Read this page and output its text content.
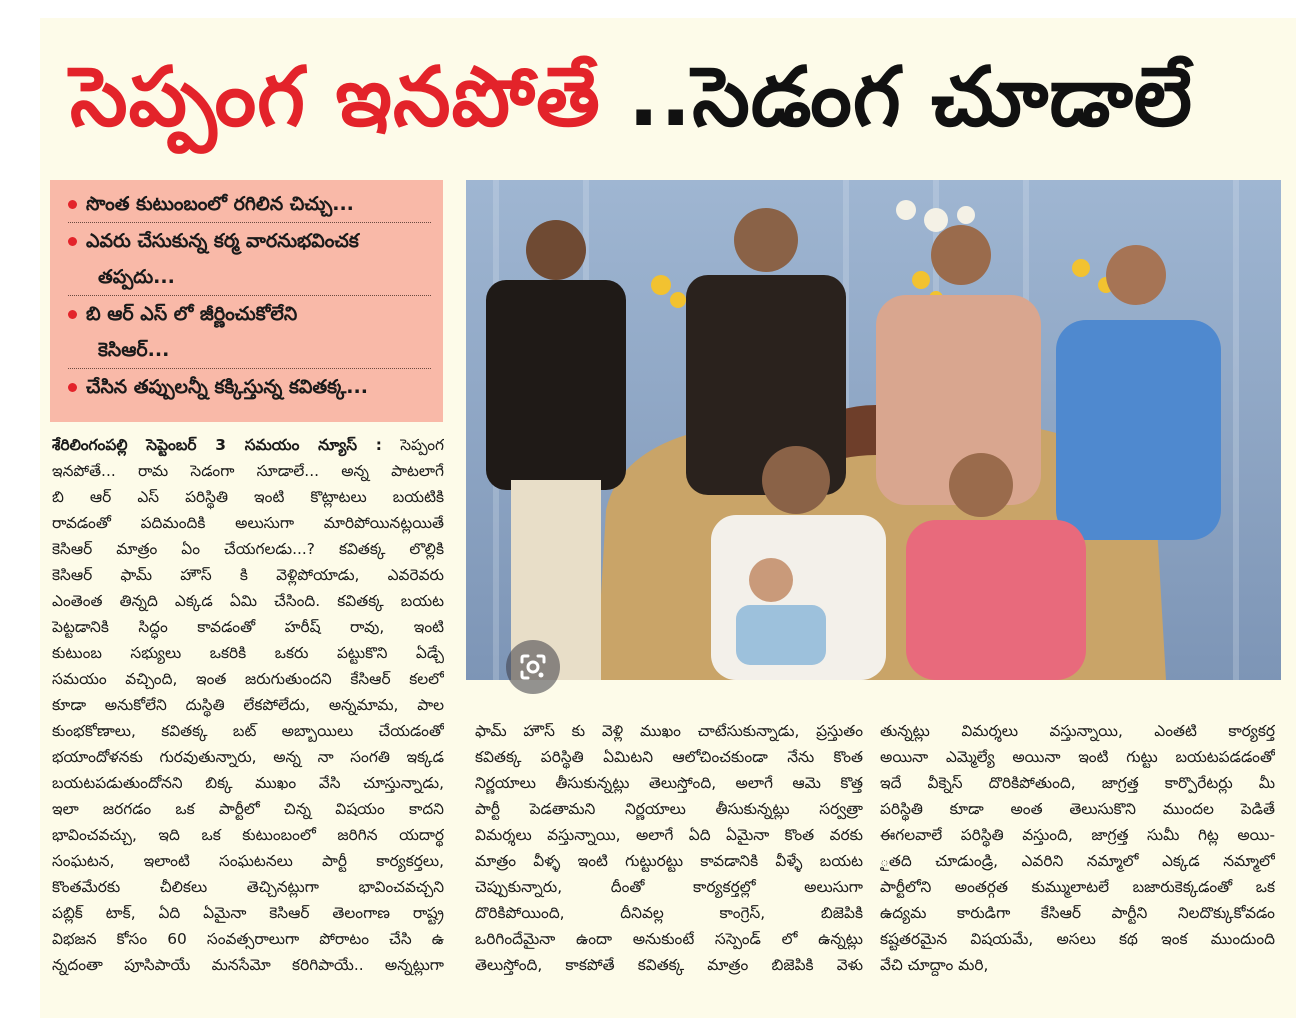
సెప్పంగ ఇనపోతే ..సెడంగ చూడాలే
సొంత కుటుంబంలో రగిలిన చిచ్చు...
ఎవరు చేసుకున్న కర్మ వారనుభవించక
తప్పదు...
బి ఆర్ ఎస్ లో జీర్ణించుకోలేని
కెసిఆర్...
చేసిన తప్పులన్నీ కక్కిస్తున్న కవితక్క...

శేరిలింగంపల్లి సెప్టెంబర్ 3 సమయం న్యూస్ : సెప్పంగ

ఇనపోతే... రామ సెడంగా సూడాలే... అన్న పాటలాగే

బి ఆర్ ఎస్ పరిస్థితి ఇంటి కొట్లాటలు బయటికి

రావడంతో పదిమందికి అలుసుగా మారిపోయినట్లయితే

కెసిఆర్ మాత్రం ఏం చేయగలడు...? కవితక్క లొల్లికి

కెసిఆర్ ఫామ్ హౌస్ కి వెళ్లిపోయాడు, ఎవరెవరు

ఎంతెంత తిన్నది ఎక్కడ ఏమి చేసింది. కవితక్క బయట

పెట్టడానికి సిద్ధం కావడంతో హరీష్ రావు, ఇంటి

కుటుంబ సభ్యులు ఒకరికి ఒకరు పట్టుకొని ఏడ్చే

సమయం వచ్చింది, ఇంత జరుగుతుందని కేసిఆర్ కలలో

కూడా అనుకోలేని దుస్థితి లేకపోలేదు, అన్నమామ, పాల

కుంభకోణాలు, కవితక్క బట్ అబ్బాయిలు చేయడంతో

భయాందోళనకు గురవుతున్నారు, అన్న నా సంగతి ఇక్కడ

బయటపడుతుందోనని బిక్క ముఖం వేసి చూస్తున్నాడు,

ఇలా జరగడం ఒక పార్టీలో చిన్న విషయం కాదని

భావించవచ్చు, ఇది ఒక కుటుంబంలో జరిగిన యదార్థ

సంఘటన, ఇలాంటి సంఘటనలు పార్టీ కార్యకర్తలు,

కొంతమేరకు చీలికలు తెచ్చినట్లుగా భావించవచ్చని

పబ్లిక్ టాక్, ఏది ఏమైనా కెసిఆర్ తెలంగాణ రాష్ట్ర

విభజన కోసం 60 సంవత్సరాలుగా పోరాటం చేసి ఉ

న్నదంతా పూసిపాయే మనసేమో కరిగిపాయే.. అన్నట్లుగా

ఫామ్ హౌస్ కు వెళ్లి ముఖం చాటేసుకున్నాడు, ప్రస్తుతం

కవితక్క పరిస్థితి ఏమిటని ఆలోచించకుండా నేను కొంత

నిర్ణయాలు తీసుకున్నట్లు తెలుస్తోంది, అలాగే ఆమె కొత్త

పార్టీ పెడతామని నిర్ణయాలు తీసుకున్నట్లు సర్వత్రా

విమర్శలు వస్తున్నాయి, అలాగే ఏది ఏమైనా కొంత వరకు

మాత్రం వీళ్ళ ఇంటి గుట్టురట్టు కావడానికి వీళ్ళే బయట

చెప్పుకున్నారు, దీంతో కార్యకర్తల్లో అలుసుగా

దొరికిపోయింది, దీనివల్ల కాంగ్రెస్, బిజెపికి

ఒరిగిందేమైనా ఉందా అనుకుంటే సస్పెండ్ లో ఉన్నట్లు

తెలుస్తోంది, కాకపోతే కవితక్క మాత్రం బిజెపికి వెళు

తున్నట్లు విమర్శలు వస్తున్నాయి, ఎంతటి కార్యకర్త

అయినా ఎమ్మెల్యే అయినా ఇంటి గుట్టు బయటపడడంతో

ఇదే వీక్నెస్ దొరికిపోతుంది, జాగ్రత్త కార్పొరేటర్లు మీ

పరిస్థితి కూడా అంత తెలుసుకొని ముందల పెడితే

ఈగలవాలే పరిస్థితి వస్తుంది, జాగ్రత్త సుమీ గిట్ల అయి-

ౖతది చూడుండ్రి, ఎవరిని నమ్మాలో ఎక్కడ నమ్మాలో

పార్టీలోని అంతర్గత కుమ్ములాటలే బజారుకెక్కడంతో ఒక

ఉద్యమ కారుడిగా కేసిఆర్ పార్టీని నిలదొక్కుకోవడం

కష్టతరమైన విషయమే, అసలు కథ ఇంక ముందుంది

వేచి చూద్దాం మరి,
